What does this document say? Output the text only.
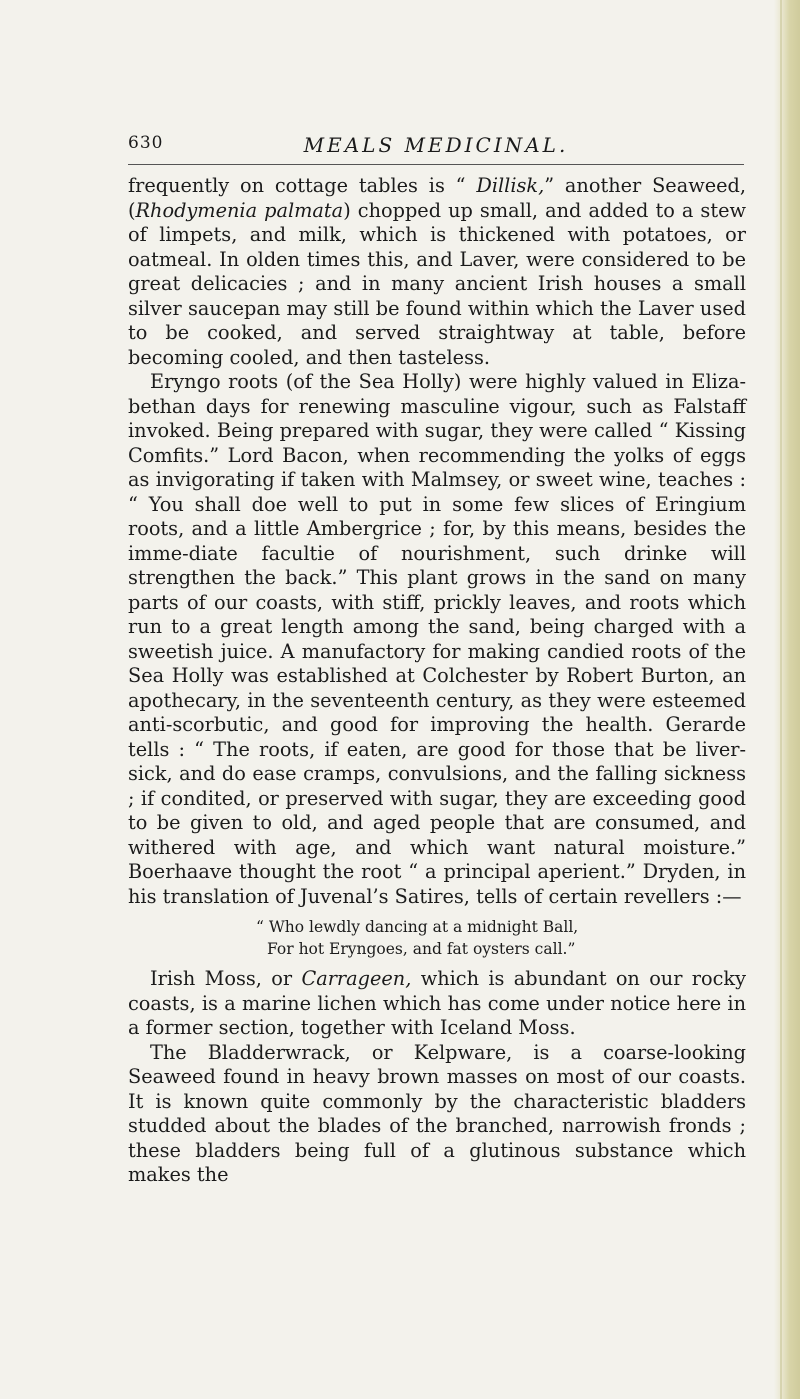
630	MEALS MEDICINAL.

frequently on cottage tables is “ Dillisk,” another Seaweed, (Rhodymenia palmata) chopped up small, and added to a stew of limpets, and milk, which is thickened with potatoes, or oatmeal. In olden times this, and Laver, were considered to be great delicacies ; and in many ancient Irish houses a small silver saucepan may still be found within which the Laver used to be cooked, and served straightway at table, before becoming cooled, and then tasteless.

Eryngo roots (of the Sea Holly) were highly valued in Eliza-bethan days for renewing masculine vigour, such as Falstaff invoked. Being prepared with sugar, they were called “ Kissing Comfits.” Lord Bacon, when recommending the yolks of eggs as invigorating if taken with Malmsey, or sweet wine, teaches : “ You shall doe well to put in some few slices of Eringium roots, and a little Ambergrice ; for, by this means, besides the imme-diate facultie of nourishment, such drinke will strengthen the back.” This plant grows in the sand on many parts of our coasts, with stiff, prickly leaves, and roots which run to a great length among the sand, being charged with a sweetish juice. A manufactory for making candied roots of the Sea Holly was established at Colchester by Robert Burton, an apothecary, in the seventeenth century, as they were esteemed anti-scorbutic, and good for improving the health. Gerarde tells : “ The roots, if eaten, are good for those that be liver-sick, and do ease cramps, convulsions, and the falling sickness ; if condited, or preserved with sugar, they are exceeding good to be given to old, and aged people that are consumed, and withered with age, and which want natural moisture.” Boerhaave thought the root “ a principal aperient.” Dryden, in his translation of Juvenal’s Satires, tells of certain revellers :—

“ Who lewdly dancing at a midnight Ball,
For hot Eryngoes, and fat oysters call.”

Irish Moss, or Carrageen, which is abundant on our rocky coasts, is a marine lichen which has come under notice here in a former section, together with Iceland Moss.

The Bladderwrack, or Kelpware, is a coarse-looking Seaweed found in heavy brown masses on most of our coasts. It is known quite commonly by the characteristic bladders studded about the blades of the branched, narrowish fronds ; these bladders being full of a glutinous substance which makes the
